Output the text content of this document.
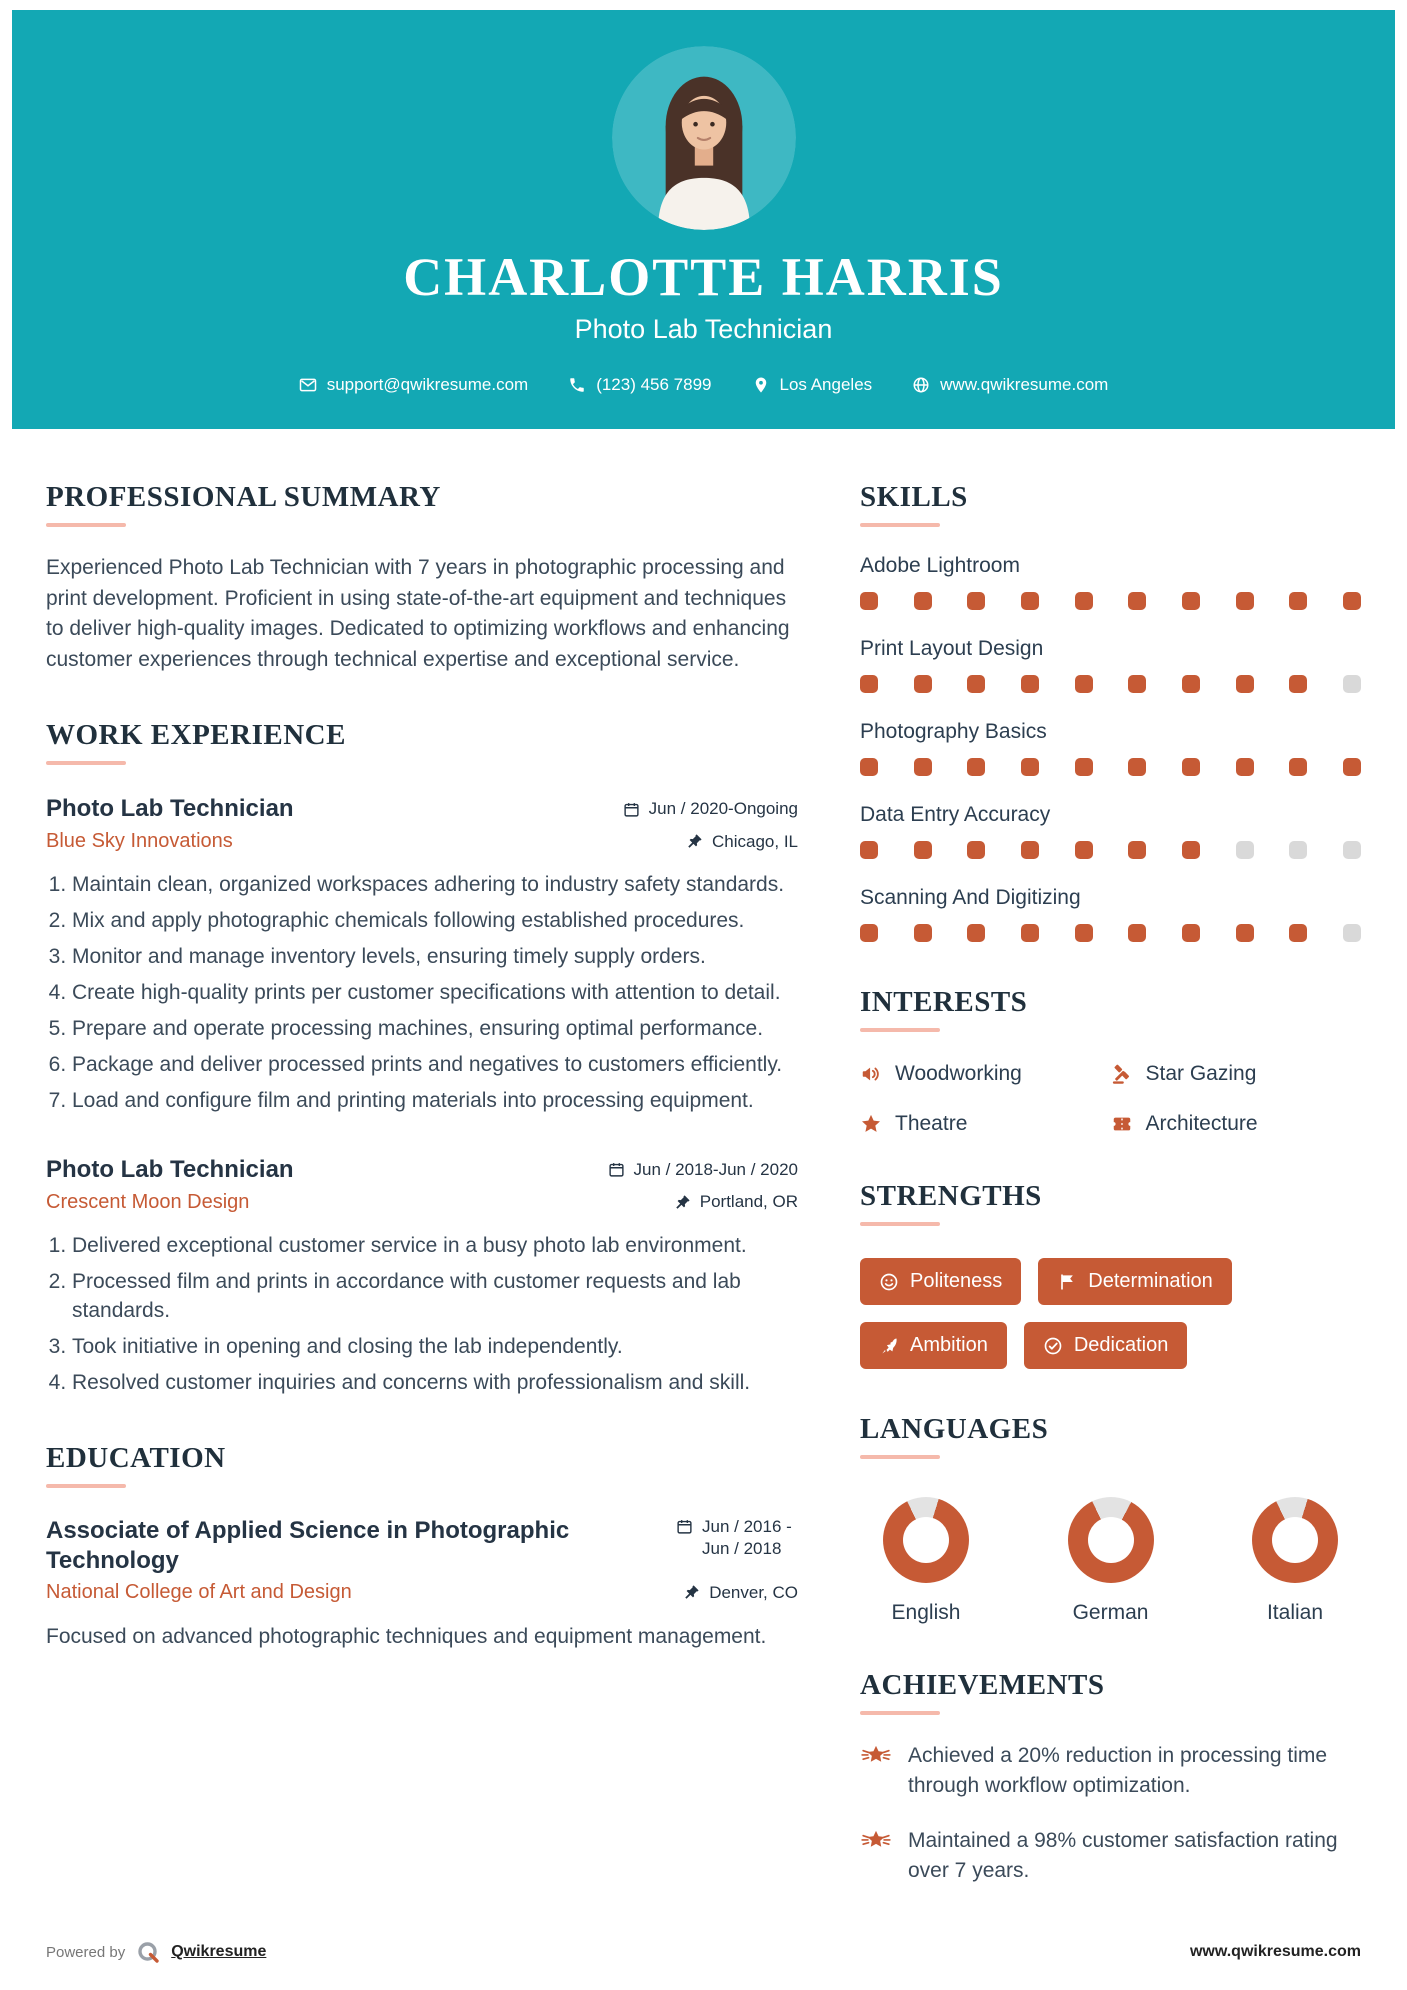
CHARLOTTE HARRIS
Photo Lab Technician
support@qwikresume.com	(123) 456 7899	Los Angeles	www.qwikresume.com
PROFESSIONAL SUMMARY

Experienced Photo Lab Technician with 7 years in photographic processing and print development. Proficient in using state-of-the-art equipment and techniques to deliver high-quality images. Dedicated to optimizing workflows and enhancing customer experiences through technical expertise and exceptional service.

WORK EXPERIENCE
Photo Lab Technician	Jun / 2020-Ongoing
Blue Sky Innovations	Chicago, IL
1. Maintain clean, organized workspaces adhering to industry safety standards.
2. Mix and apply photographic chemicals following established procedures.
3. Monitor and manage inventory levels, ensuring timely supply orders.
4. Create high-quality prints per customer specifications with attention to detail.
5. Prepare and operate processing machines, ensuring optimal performance.
6. Package and deliver processed prints and negatives to customers efficiently.
7. Load and configure film and printing materials into processing equipment.
Photo Lab Technician	Jun / 2018-Jun / 2020
Crescent Moon Design	Portland, OR
1. Delivered exceptional customer service in a busy photo lab environment.
2. Processed film and prints in accordance with customer requests and lab standards.
3. Took initiative in opening and closing the lab independently.
4. Resolved customer inquiries and concerns with professionalism and skill.
EDUCATION
Associate of Applied Science in Photographic Technology
Jun / 2016 - Jun / 2018
National College of Art and Design	Denver, CO

Focused on advanced photographic techniques and equipment management.

SKILLS
Adobe Lightroom
Print Layout Design
Photography Basics
Data Entry Accuracy
Scanning And Digitizing
INTERESTS
Woodworking	Star Gazing
Theatre	Architecture
STRENGTHS
Politeness	Determination
Ambition	Dedication
LANGUAGES
English	German	Italian
ACHIEVEMENTS
Achieved a 20% reduction in processing time through workflow optimization.
Maintained a 98% customer satisfaction rating over 7 years.
Powered by	Qwikresume	www.qwikresume.com
